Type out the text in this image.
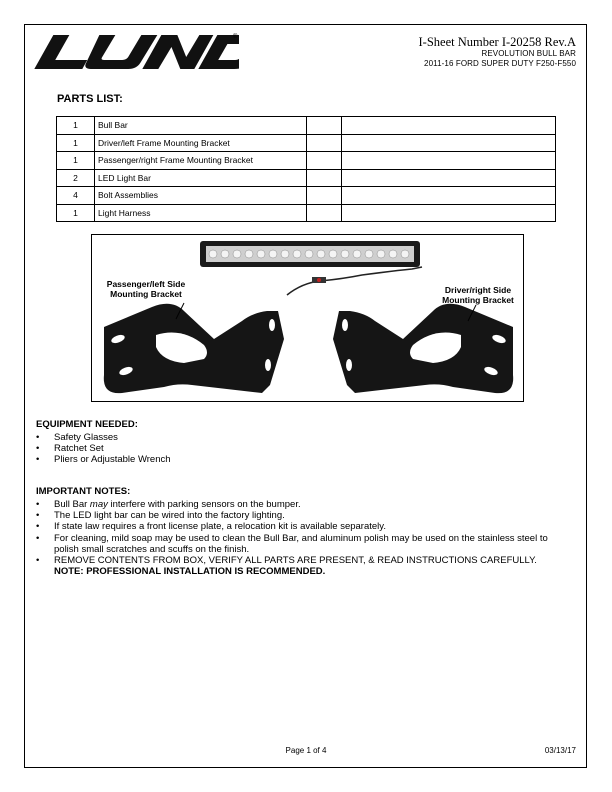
®	I-Sheet Number I-20258 Rev.A
REVOLUTION BULL BAR
2011-16 FORD SUPER DUTY F250-F550
PARTS LIST:
1	Bull Bar		
1	Driver/left Frame Mounting Bracket		
1	Passenger/right Frame Mounting Bracket		
2	LED Light Bar		
4	Bolt Assemblies		
1	Light Harness		
Passenger/left Side
Mounting Bracket	Driver/right Side
Mounting Bracket
EQUIPMENT NEEDED:
• Safety Glasses
• Ratchet Set
• Pliers or Adjustable Wrench
IMPORTANT NOTES:
• Bull Bar may interfere with parking sensors on the bumper.
• The LED light bar can be wired into the factory lighting.
• If state law requires a front license plate, a relocation kit is available separately.
• For cleaning, mild soap may be used to clean the Bull Bar, and aluminum polish may be used on the stainless steel to polish small scratches and scuffs on the finish.
• REMOVE CONTENTS FROM BOX, VERIFY ALL PARTS ARE PRESENT, & READ INSTRUCTIONS CAREFULLY. NOTE: PROFESSIONAL INSTALLATION IS RECOMMENDED.
Page 1 of 4	03/13/17
